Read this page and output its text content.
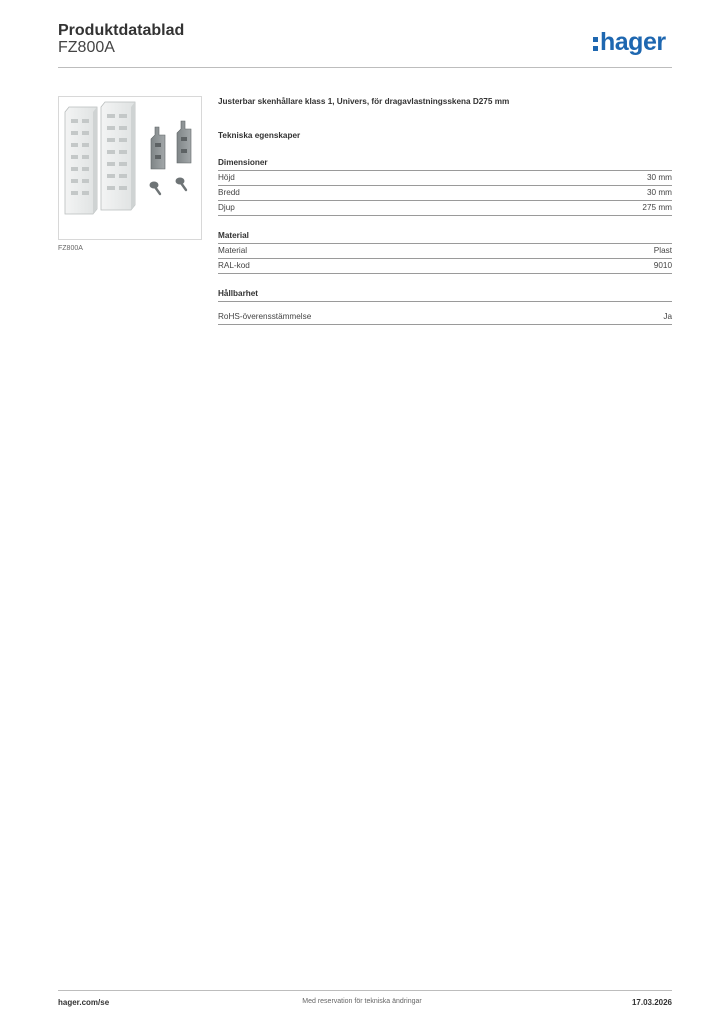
Produktdatablad
FZ800A	hager
FZ800A

Justerbar skenhållare klass 1, Univers, för dragavlastningsskena D275 mm

Tekniska egenskaper
Dimensioner
Höjd	30 mm
Bredd	30 mm
Djup	275 mm
Material
Material	Plast
RAL-kod	9010
Hållbarhet
RoHS-överensstämmelse	Ja
hager.com/se	Med reservation för tekniska ändringar	17.03.2026
